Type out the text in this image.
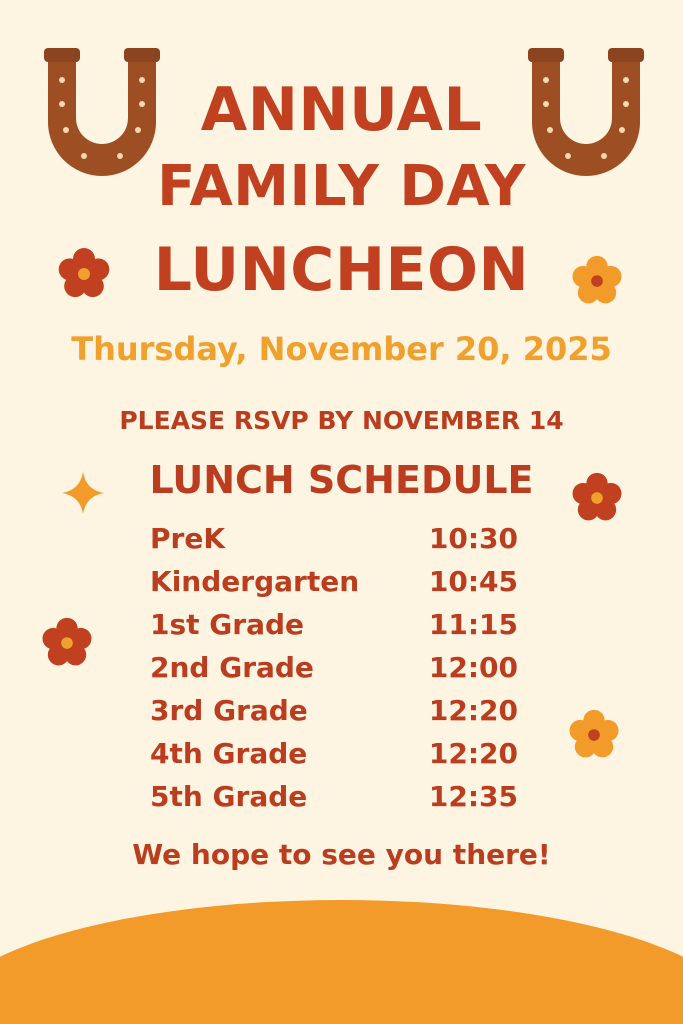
ANNUAL
FAMILY DAY
LUNCHEON
Thursday, November 20, 2025
PLEASE RSVP BY NOVEMBER 14
LUNCH SCHEDULE
PreK	10:30
Kindergarten 10:45
1st Grade	11:15
2nd Grade	12:00
3rd Grade	12:20
4th Grade	12:20
5th Grade	12:35
We hope to see you there!
